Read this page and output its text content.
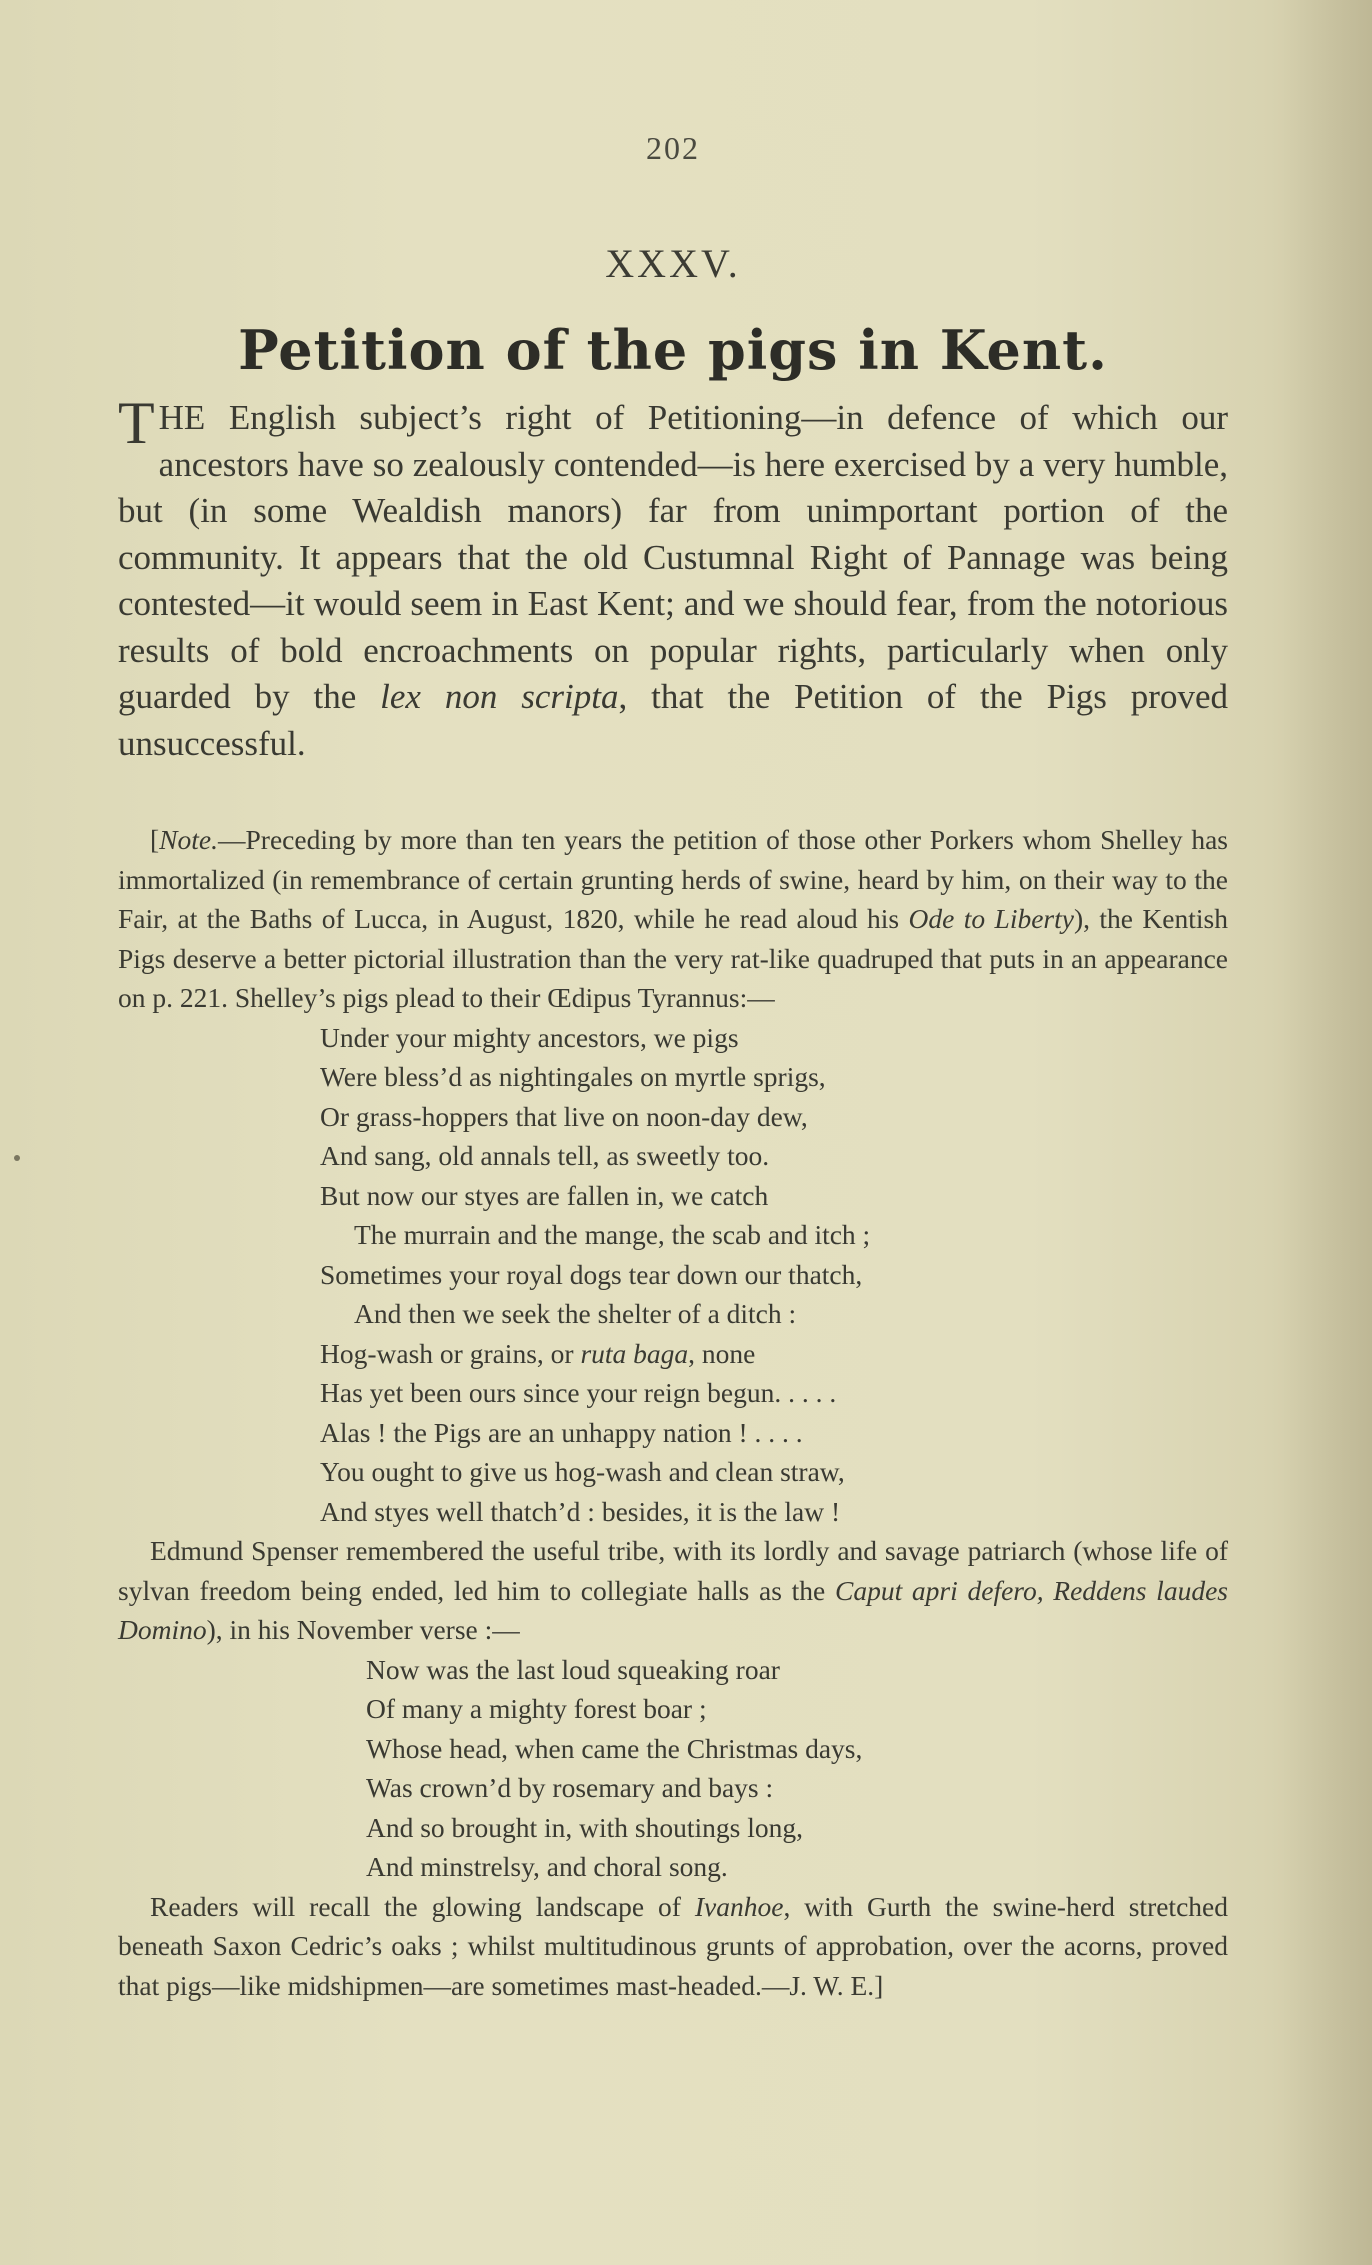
202
XXXV.
Petition of the pigs in Kent.
THE English subject’s right of Petitioning—in defence of which our ancestors have so zealously contended—is here exercised by a very humble, but (in some Wealdish manors) far from unimportant portion of the community. It appears that the old Custumnal Right of Pannage was being contested—it would seem in East Kent; and we should fear, from the notorious results of bold encroachments on popular rights, particularly when only guarded by the lex non scripta, that the Petition of the Pigs proved unsuccessful.

[Note.—Preceding by more than ten years the petition of those other Porkers whom Shelley has immortalized (in remembrance of certain grunting herds of swine, heard by him, on their way to the Fair, at the Baths of Lucca, in August, 1820, while he read aloud his Ode to Liberty), the Kentish Pigs deserve a better pictorial illustration than the very rat-like quadruped that puts in an appearance on p. 221. Shelley’s pigs plead to their Œdipus Tyrannus:—

Under your mighty ancestors, we pigs
Were bless’d as nightingales on myrtle sprigs,
Or grass-hoppers that live on noon-day dew,
And sang, old annals tell, as sweetly too.
But now our styes are fallen in, we catch
The murrain and the mange, the scab and itch ;
Sometimes your royal dogs tear down our thatch,
And then we seek the shelter of a ditch :
Hog-wash or grains, or ruta baga, none
Has yet been ours since your reign begun. . . . .
Alas ! the Pigs are an unhappy nation ! . . . .
You ought to give us hog-wash and clean straw,
And styes well thatch’d : besides, it is the law !

Edmund Spenser remembered the useful tribe, with its lordly and savage patriarch (whose life of sylvan freedom being ended, led him to collegiate halls as the Caput apri defero, Reddens laudes Domino), in his November verse :—

Now was the last loud squeaking roar
Of many a mighty forest boar ;
Whose head, when came the Christmas days,
Was crown’d by rosemary and bays :
And so brought in, with shoutings long,
And minstrelsy, and choral song.

Readers will recall the glowing landscape of Ivanhoe, with Gurth the swine-herd stretched beneath Saxon Cedric’s oaks ; whilst multitudinous grunts of approbation, over the acorns, proved that pigs—like midshipmen—are sometimes mast-headed.—J. W. E.]
